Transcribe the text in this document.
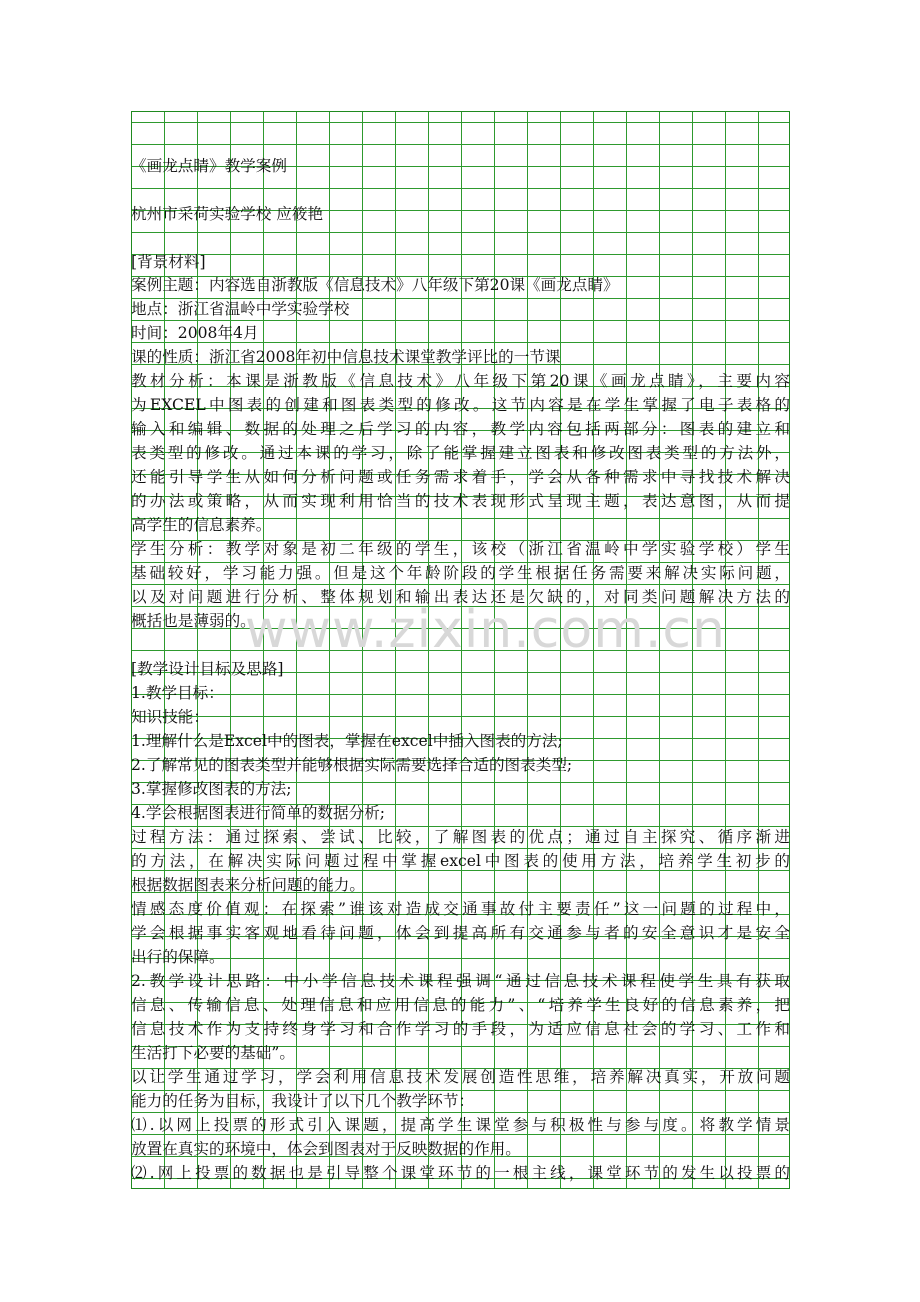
www.zixin.com.cn
《画龙点睛》教学案例
杭州市采荷实验学校 应筱艳
[背景材料]
案例主题：内容选自浙教版《信息技术》八年级下第20课《画龙点睛》
地点：浙江省温岭中学实验学校
时间：2008年4月
课的性质：浙江省2008年初中信息技术课堂教学评比的一节课
教材分析：本课是浙教版《信息技术》八年级下第20课《画龙点睛》，主要内容
为EXCEL中图表的创建和图表类型的修改。这节内容是在学生掌握了电子表格的
输入和编辑、数据的处理之后学习的内容，教学内容包括两部分：图表的建立和
表类型的修改。通过本课的学习，除了能掌握建立图表和修改图表类型的方法外，
还能引导学生从如何分析问题或任务需求着手，学会从各种需求中寻找技术解决
的办法或策略，从而实现利用恰当的技术表现形式呈现主题，表达意图，从而提
高学生的信息素养。
学生分析：教学对象是初二年级的学生，该校（浙江省温岭中学实验学校）学生
基础较好，学习能力强。但是这个年龄阶段的学生根据任务需要来解决实际问题，
以及对问题进行分析、整体规划和输出表达还是欠缺的，对同类问题解决方法的
概括也是薄弱的。
[教学设计目标及思路]
1.教学目标：
知识技能：
1.理解什么是Excel中的图表，掌握在excel中插入图表的方法;
2.了解常见的图表类型并能够根据实际需要选择合适的图表类型;
3.掌握修改图表的方法;
4.学会根据图表进行简单的数据分析;
过程方法：通过探索、尝试、比较，了解图表的优点；通过自主探究、循序渐进
的方法，在解决实际问题过程中掌握excel中图表的使用方法，培养学生初步的
根据数据图表来分析问题的能力。
情感态度价值观：在探索”谁该对造成交通事故付主要责任”这一问题的过程中，
学会根据事实客观地看待问题，体会到提高所有交通参与者的安全意识才是安全
出行的保障。
2.教学设计思路：中小学信息技术课程强调“通过信息技术课程使学生具有获取
信息、传输信息、处理信息和应用信息的能力”、“培养学生良好的信息素养，把
信息技术作为支持终身学习和合作学习的手段，为适应信息社会的学习、工作和
生活打下必要的基础”。
以让学生通过学习，学会利用信息技术发展创造性思维，培养解决真实，开放问题
能力的任务为目标，我设计了以下几个教学环节：
⑴.以网上投票的形式引入课题，提高学生课堂参与积极性与参与度。将教学情景
放置在真实的环境中，体会到图表对于反映数据的作用。
⑵.网上投票的数据也是引导整个课堂环节的一根主线，课堂环节的发生以投票的
